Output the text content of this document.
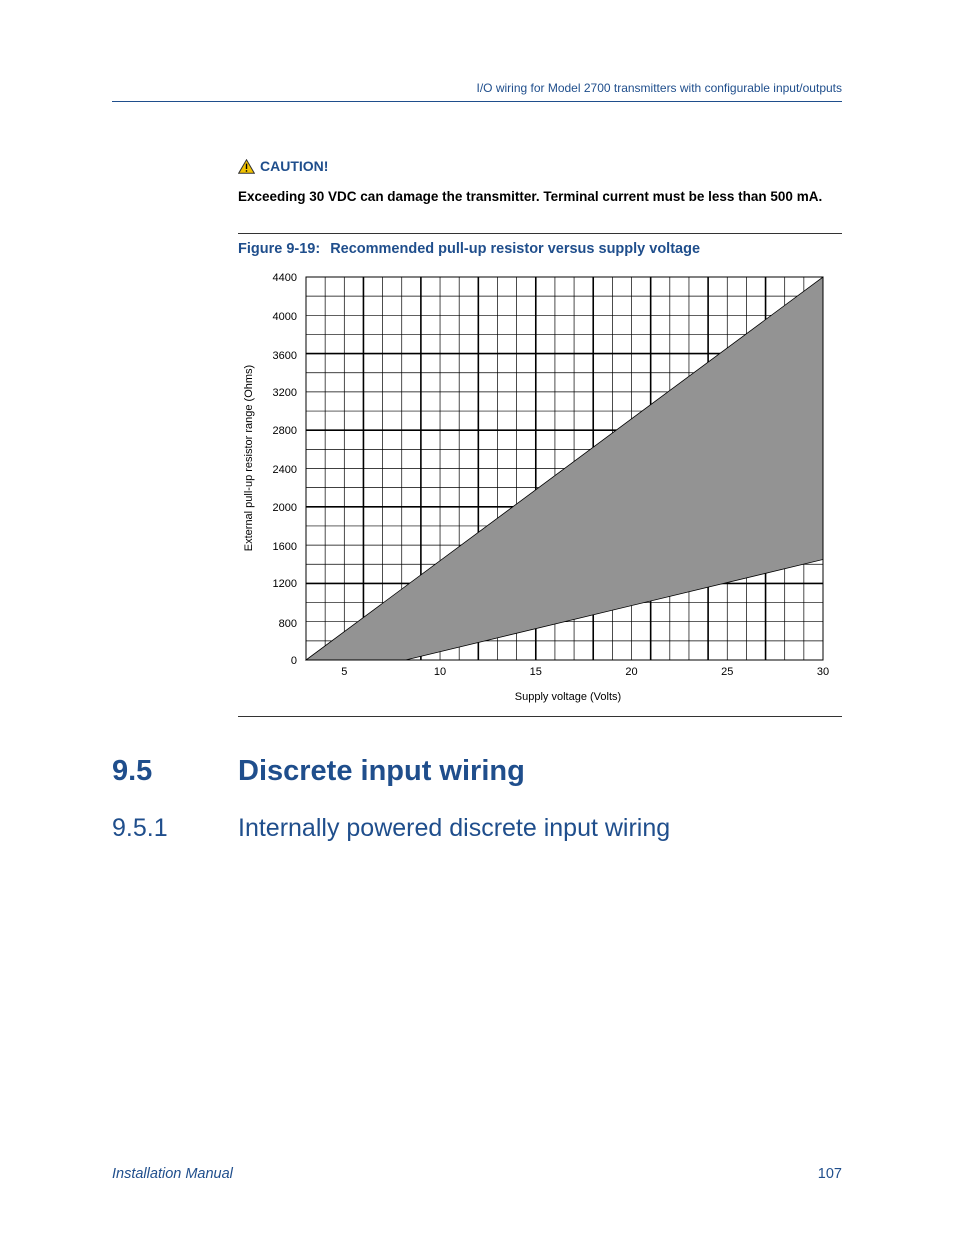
I/O wiring for Model 2700 transmitters with configurable input/outputs
CAUTION!
Exceeding 30 VDC can damage the transmitter. Terminal current must be less than 500 mA.
Figure 9-19: Recommended pull-up resistor versus supply voltage
0
800
1200
1600
2000
2400
2800
3200
3600
4000
4400
5	10	15	20	25	30
Supply voltage (Volts)
External pull-up resistor range (Ohms)
9.5	Discrete input wiring
9.5.1	Internally powered discrete input wiring
Installation Manual	107
